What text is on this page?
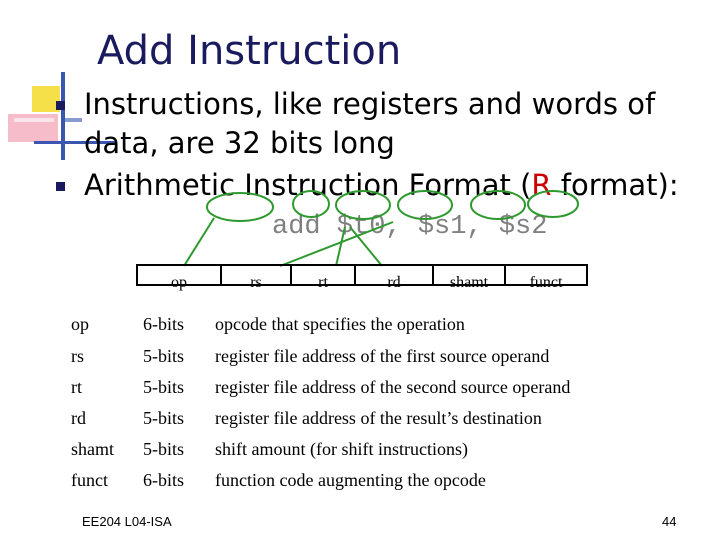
Add Instruction
Instructions, like registers and words of
data, are 32 bits long
Arithmetic Instruction Format (R format):
add $t0, $s1, $s2
op	rs	rt	rd	shamt	funct
op	6-bits opcode that specifies the operation
rs	5-bits register file address of the first source operand
rt	5-bits register file address of the second source operand
rd	5-bits register file address of the result’s destination
shamt 5-bits shift amount (for shift instructions)
funct 6-bits function code augmenting the opcode
EE204 L04-ISA	44
